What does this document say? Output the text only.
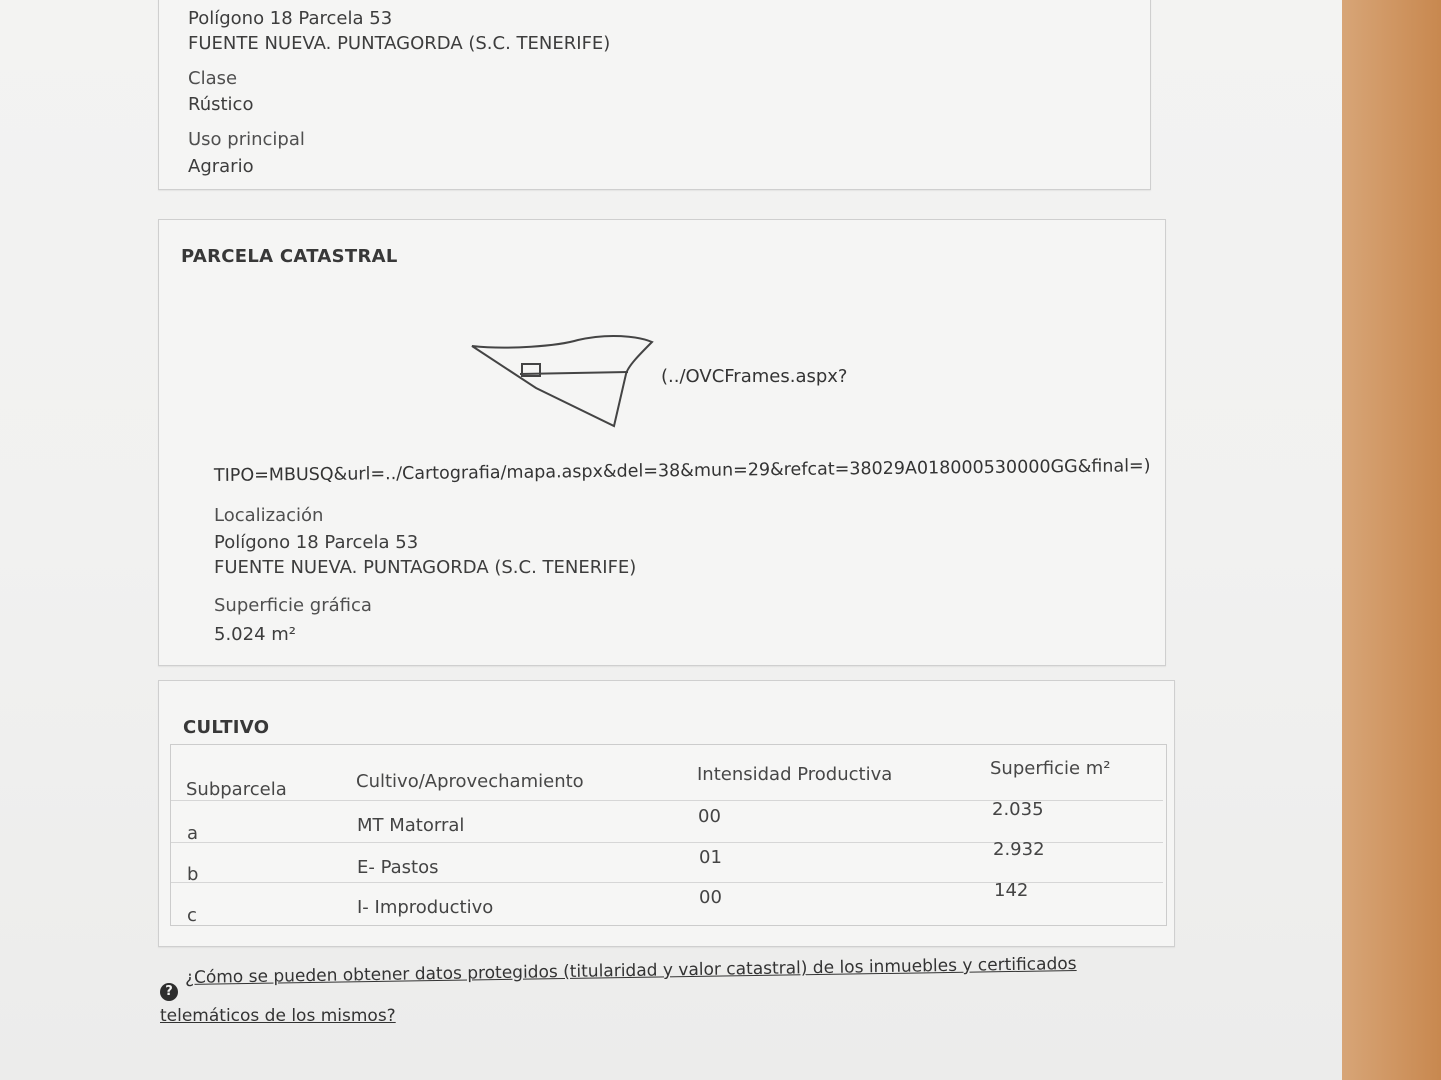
Polígono 18 Parcela 53
FUENTE NUEVA. PUNTAGORDA (S.C. TENERIFE)
Clase
Rústico
Uso principal
Agrario
PARCELA CATASTRAL
(../OVCFrames.aspx?
TIPO=MBUSQ&url=../Cartografia/mapa.aspx&del=38&mun=29&refcat=38029A018000530000GG&final=)
Localización
Polígono 18 Parcela 53
FUENTE NUEVA. PUNTAGORDA (S.C. TENERIFE)
Superficie gráfica
5.024 m²
CULTIVO
Subparcela	Cultivo/Aprovechamiento	Intensidad Productiva	Superficie m²
a	MT Matorral	00	2.035
b	E- Pastos	01	2.932
c	I- Improductivo	00	142
?
¿Cómo se pueden obtener datos protegidos (titularidad y valor catastral) de los inmuebles y certificados
telemáticos de los mismos?
